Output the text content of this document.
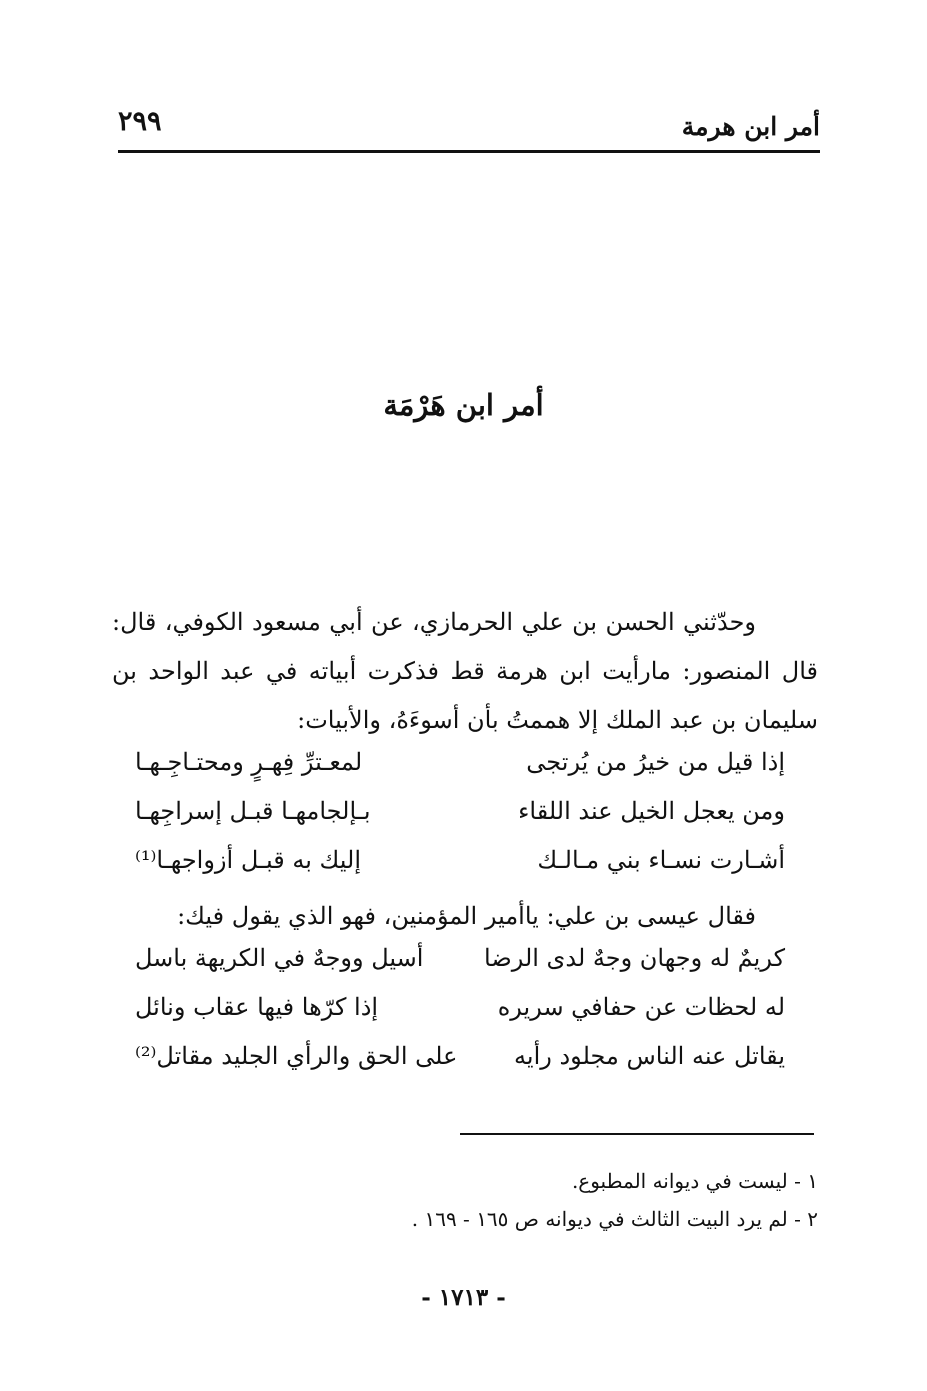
أمر ابن هرمة
٢٩٩
أمر ابن هَرْمَة
وحدّثني الحسن بن علي الحرمازي، عن أبي مسعود الكوفي، قال: قال المنصور: مارأيت ابن هرمة قط فذكرت أبياته في عبد الواحد بن سليمان بن عبد الملك إلا هممتُ بأن أسوءَهُ، والأبيات:
إذا قيل من خيرُ من يُرتجى
لمعـترِّ فِهـرٍ ومحتـاجِـهـا
ومن يعجل الخيل عند اللقاء
بـإلجامهـا قبـل إسراجِهـا
أشـارت نسـاء بني مـالـك
إليك به قبـل أزواجهـا⁽¹⁾
فقال عيسى بن علي: ياأمير المؤمنين، فهو الذي يقول فيك:
كريمٌ له وجهان وجهٌ لدى الرضا
أسيل ووجهٌ في الكريهة باسل
له لحظات عن حفافي سريره
إذا كرّها فيها عقاب ونائل
يقاتل عنه الناس مجلود رأيه
على الحق والرأي الجليد مقاتل⁽²⁾
١ - ليست في ديوانه المطبوع.
٢ - لم يرد البيت الثالث في ديوانه ص ١٦٥ - ١٦٩ .
- ١٧١٣ -
